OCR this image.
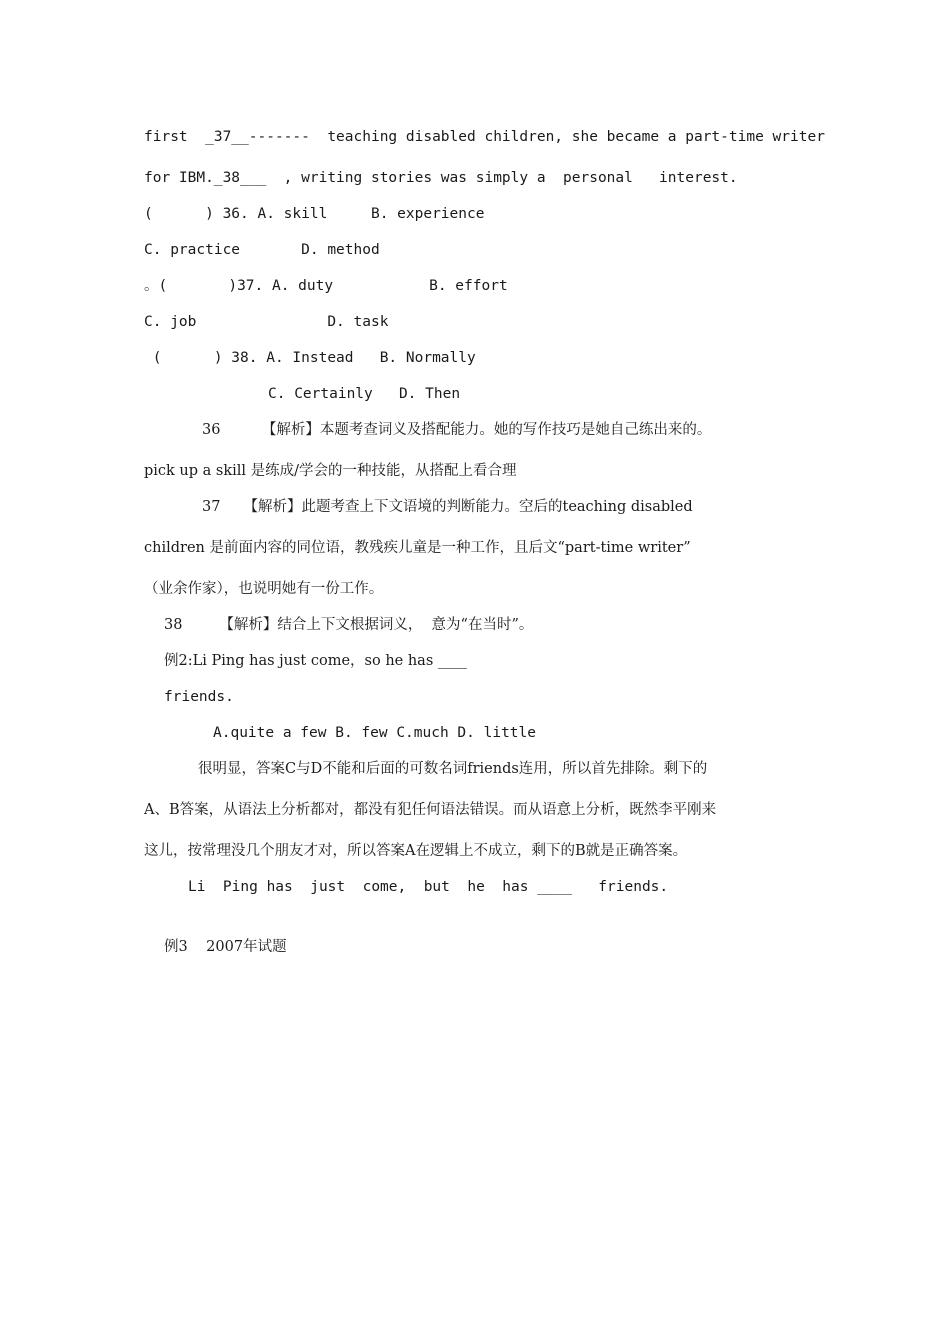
first  _37__-------  teaching disabled children, she became a part-time writer
for IBM._38___  , writing stories was simply a  personal   interest.
(      ) 36. A. skill     B. experience
C. practice       D. method
。(       )37. A. duty           B. effort
C. job               D. task
(      ) 38. A. Instead   B. Normally
C. Certainly   D. Then
36         【解析】本题考查词义及搭配能力。她的写作技巧是她自己练出来的。
pick up a skill 是练成/学会的一种技能，从搭配上看合理
37     【解析】此题考查上下文语境的判断能力。空后的teaching disabled
children 是前面内容的同位语，教残疾儿童是一种工作，且后文“part-time writer”
（业余作家），也说明她有一份工作。
38        【解析】结合上下文根据词义，  意为“在当时”。
例2:Li Ping has just come，so he has ____
friends.
A.quite a few B. few C.much D. little
很明显，答案C与D不能和后面的可数名词friends连用，所以首先排除。剩下的
A、B答案，从语法上分析都对，都没有犯任何语法错误。而从语意上分析，既然李平刚来
这儿，按常理没几个朋友才对，所以答案A在逻辑上不成立，剩下的B就是正确答案。
Li  Ping has  just  come,  but  he  has ____   friends.
例3    2007年试题
